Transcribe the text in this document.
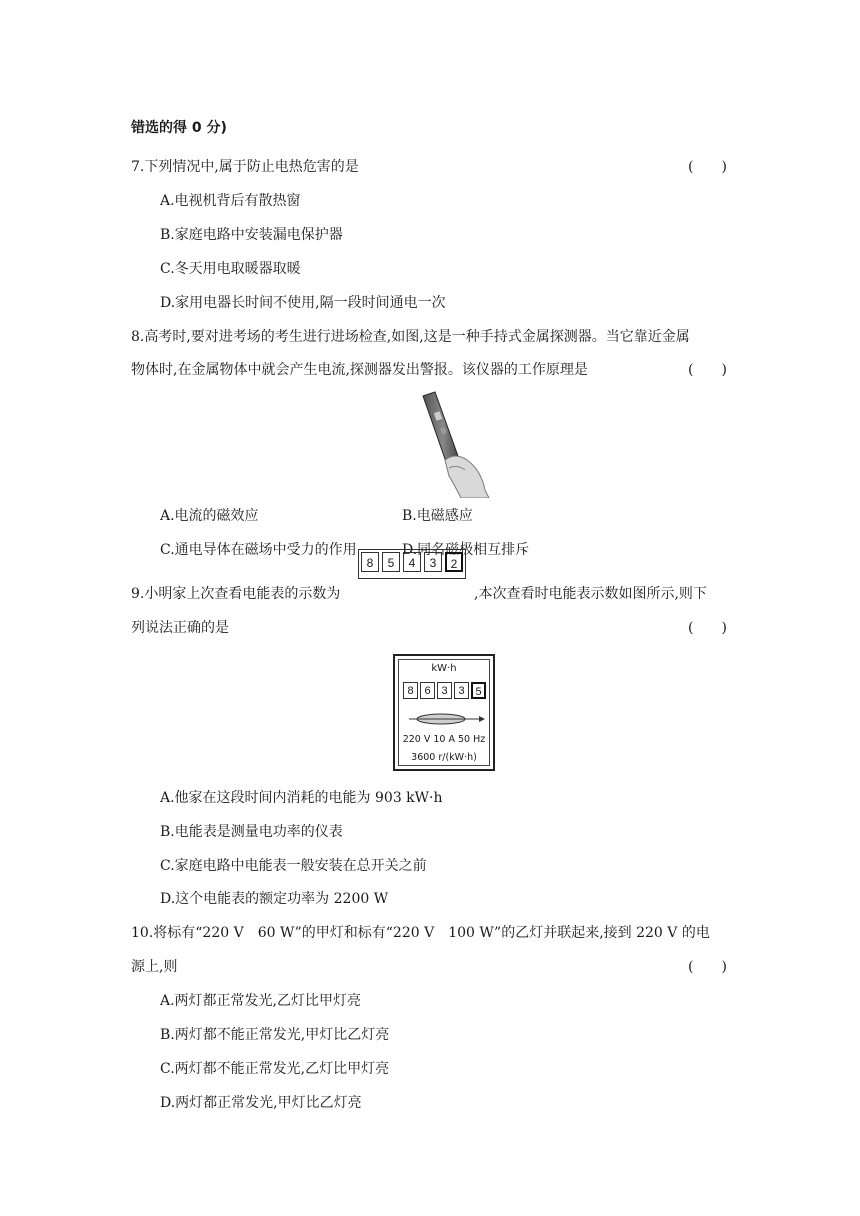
错选的得 0 分)
7.下列情况中,属于防止电热危害的是	(　　)
A.电视机背后有散热窗
B.家庭电路中安装漏电保护器
C.冬天用电取暖器取暖
D.家用电器长时间不使用,隔一段时间通电一次
8.高考时,要对进考场的考生进行进场检查,如图,这是一种手持式金属探测器。当它靠近金属
物体时,在金属物体中就会产生电流,探测器发出警报。该仪器的工作原理是	(　　)
A.电流的磁效应	B.电磁感应
C.通电导体在磁场中受力的作用	D.同名磁极相互排斥
9.小明家上次查看电能表的示数为
8	5	4	3	2
,本次查看时电能表示数如图所示,则下
列说法正确的是	(　　)
kW·h
8 6 3 3 5
220 V 10 A 50 Hz
3600 r/(kW·h)
A.他家在这段时间内消耗的电能为 903 kW·h
B.电能表是测量电功率的仪表
C.家庭电路中电能表一般安装在总开关之前
D.这个电能表的额定功率为 2200 W
10.将标有“220 V　60 W”的甲灯和标有“220 V　100 W”的乙灯并联起来,接到 220 V 的电
源上,则	(　　)
A.两灯都正常发光,乙灯比甲灯亮
B.两灯都不能正常发光,甲灯比乙灯亮
C.两灯都不能正常发光,乙灯比甲灯亮
D.两灯都正常发光,甲灯比乙灯亮
